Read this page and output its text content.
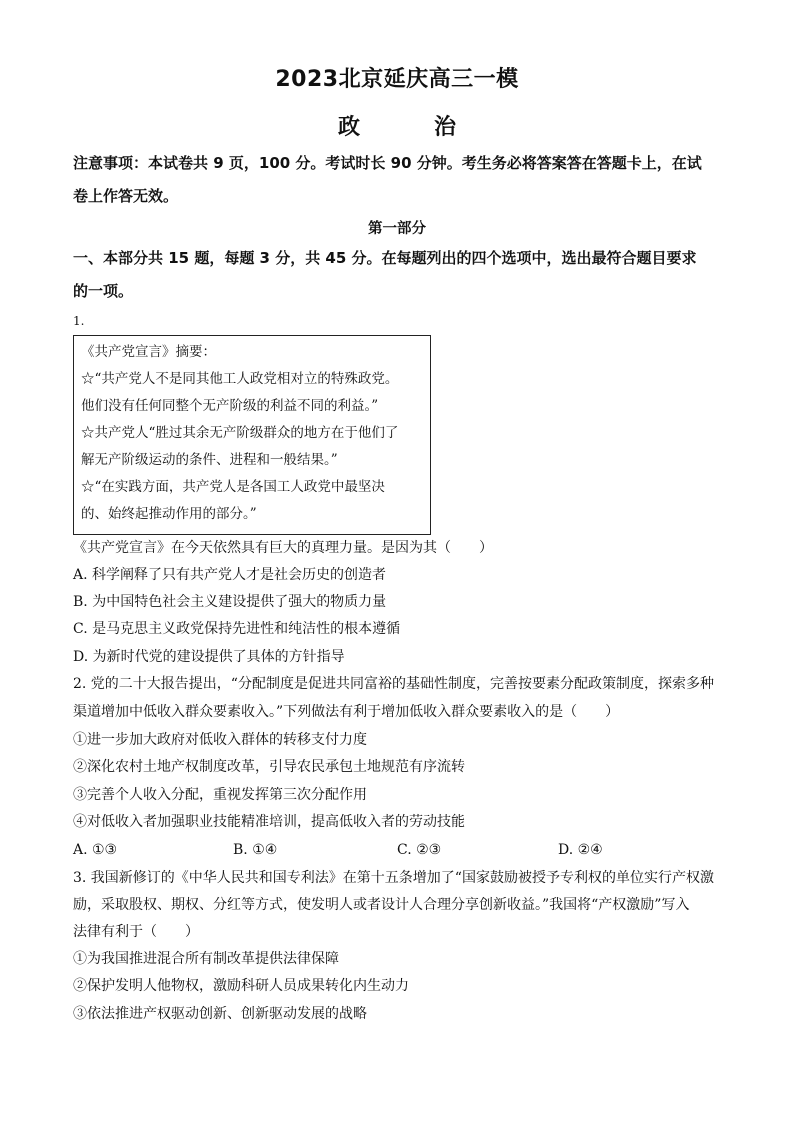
2023北京延庆高三一模
政　治
注意事项：本试卷共 9 页，100 分。考试时长 90 分钟。考生务必将答案答在答题卡上，在试
卷上作答无效。
第一部分
一、本部分共 15 题，每题 3 分，共 45 分。在每题列出的四个选项中，选出最符合题目要求
的一项。
1.
《共产党宣言》摘要：
☆“共产党人不是同其他工人政党相对立的特殊政党。
他们没有任何同整个无产阶级的利益不同的利益。”
☆共产党人“胜过其余无产阶级群众的地方在于他们了
解无产阶级运动的条件、进程和一般结果。”
☆“在实践方面，共产党人是各国工人政党中最坚决
的、始终起推动作用的部分。”
《共产党宣言》在今天依然具有巨大的真理力量。是因为其（　　）
A. 科学阐释了只有共产党人才是社会历史的创造者
B. 为中国特色社会主义建设提供了强大的物质力量
C. 是马克思主义政党保持先进性和纯洁性的根本遵循
D. 为新时代党的建设提供了具体的方针指导
2. 党的二十大报告提出，“分配制度是促进共同富裕的基础性制度，完善按要素分配政策制度，探索多种
渠道增加中低收入群众要素收入。”下列做法有利于增加低收入群众要素收入的是（　　）
①进一步加大政府对低收入群体的转移支付力度
②深化农村土地产权制度改革，引导农民承包土地规范有序流转
③完善个人收入分配，重视发挥第三次分配作用
④对低收入者加强职业技能精准培训，提高低收入者的劳动技能
A. ①③	B. ①④	C. ②③	D. ②④
3. 我国新修订的《中华人民共和国专利法》在第十五条增加了“国家鼓励被授予专利权的单位实行产权激
励，采取股权、期权、分红等方式，使发明人或者设计人合理分享创新收益。”我国将“产权激励”写入
法律有利于（　　）
①为我国推进混合所有制改革提供法律保障
②保护发明人他物权，激励科研人员成果转化内生动力
③依法推进产权驱动创新、创新驱动发展的战略
